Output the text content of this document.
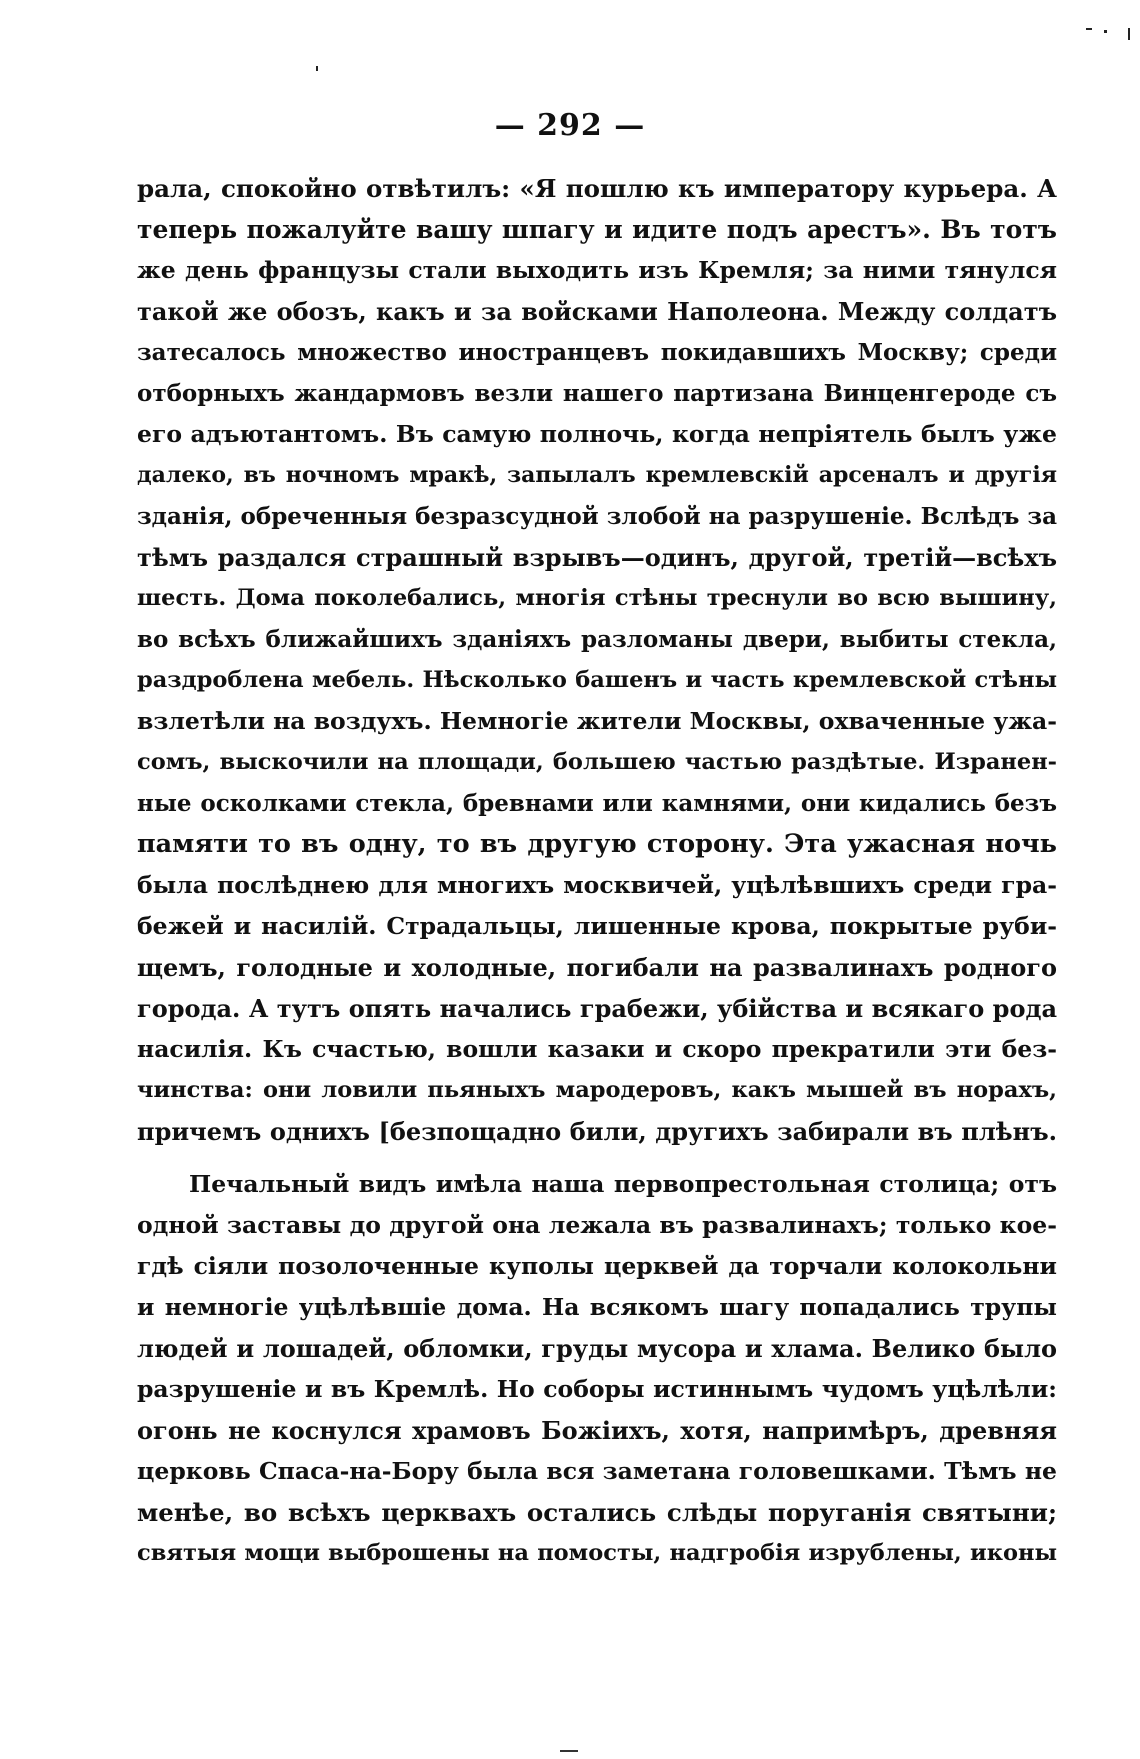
— 292 —
рала, спокойно отвѣтилъ: «Я пошлю къ императору курьера. А
теперь пожалуйте вашу шпагу и идите подъ арестъ». Въ тотъ
же день французы стали выходить изъ Кремля; за ними тянулся
такой же обозъ, какъ и за войсками Наполеона. Между солдатъ
затесалось множество иностранцевъ покидавшихъ Москву; среди
отборныхъ жандармовъ везли нашего партизана Винценгероде съ
его адъютантомъ. Въ самую полночь, когда непріятель былъ уже
далеко, въ ночномъ мракѣ, запылалъ кремлевскій арсеналъ и другія
зданія, обреченныя безразсудной злобой на разрушеніе. Вслѣдъ за
тѣмъ раздался страшный взрывъ—одинъ, другой, третій—всѣхъ
шесть. Дома поколебались, многія стѣны треснули во всю вышину,
во всѣхъ ближайшихъ зданіяхъ разломаны двери, выбиты стекла,
раздроблена мебель. Нѣсколько башенъ и часть кремлевской стѣны
взлетѣли на воздухъ. Немногіе жители Москвы, охваченные ужа-
сомъ, выскочили на площади, большею частью раздѣтые. Изранен-
ные осколками стекла, бревнами или камнями, они кидались безъ
памяти то въ одну, то въ другую сторону. Эта ужасная ночь
была послѣднею для многихъ москвичей, уцѣлѣвшихъ среди гра-
бежей и насилій. Страдальцы, лишенные крова, покрытые руби-
щемъ, голодные и холодные, погибали на развалинахъ родного
города. А тутъ опять начались грабежи, убійства и всякаго рода
насилія. Къ счастью, вошли казаки и скоро прекратили эти без-
чинства: они ловили пьяныхъ мародеровъ, какъ мышей въ норахъ,
причемъ однихъ [безпощадно били, другихъ забирали въ плѣнъ.
Печальный видъ имѣла наша первопрестольная столица; отъ
одной заставы до другой она лежала въ развалинахъ; только кое-
гдѣ сіяли позолоченные куполы церквей да торчали колокольни
и немногіе уцѣлѣвшіе дома. На всякомъ шагу попадались трупы
людей и лошадей, обломки, груды мусора и хлама. Велико было
разрушеніе и въ Кремлѣ. Но соборы истиннымъ чудомъ уцѣлѣли:
огонь не коснулся храмовъ Божіихъ, хотя, напримѣръ, древняя
церковь Спаса-на-Бору была вся заметана головешками. Тѣмъ не
менѣе, во всѣхъ церквахъ остались слѣды поруганія святыни;
святыя мощи выброшены на помосты, надгробія изрублены, иконы
